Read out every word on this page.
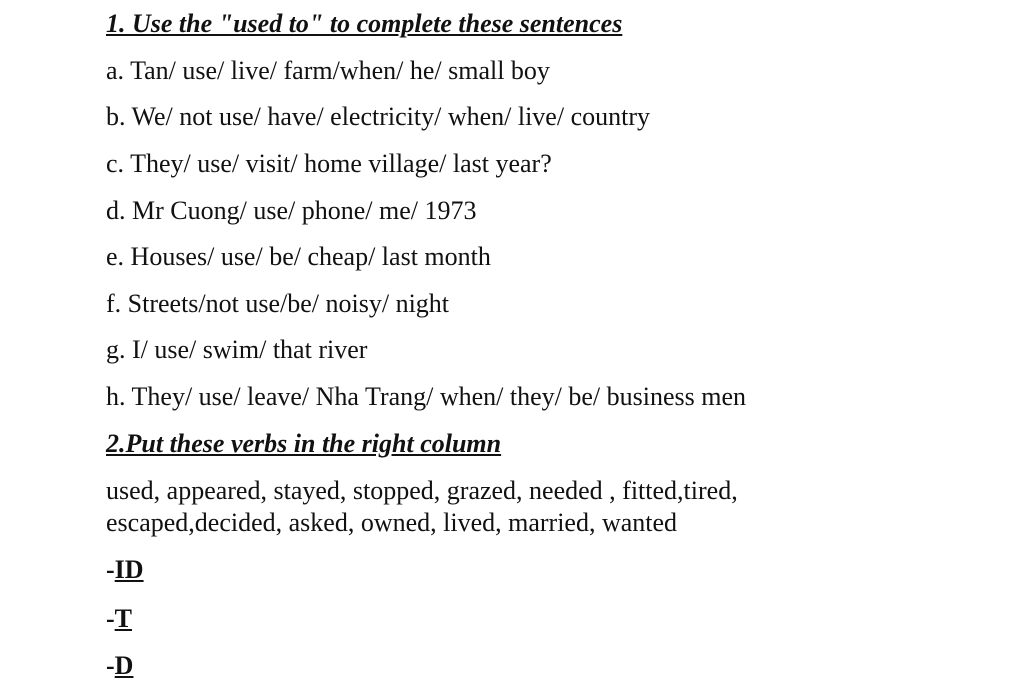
1. Use the "used to" to complete these sentences
a. Tan/ use/ live/ farm/when/ he/ small boy
b. We/ not use/ have/ electricity/ when/ live/ country
c. They/ use/ visit/ home village/ last year?
d. Mr Cuong/ use/ phone/ me/ 1973
e. Houses/ use/ be/ cheap/ last month
f. Streets/not use/be/ noisy/ night
g. I/ use/ swim/ that river
h. They/ use/ leave/ Nha Trang/ when/ they/ be/ business men
2.Put these verbs in the right column
used, appeared, stayed, stopped, grazed, needed , fitted,tired,
escaped,decided, asked, owned, lived, married, wanted
-ID
-T
-D
